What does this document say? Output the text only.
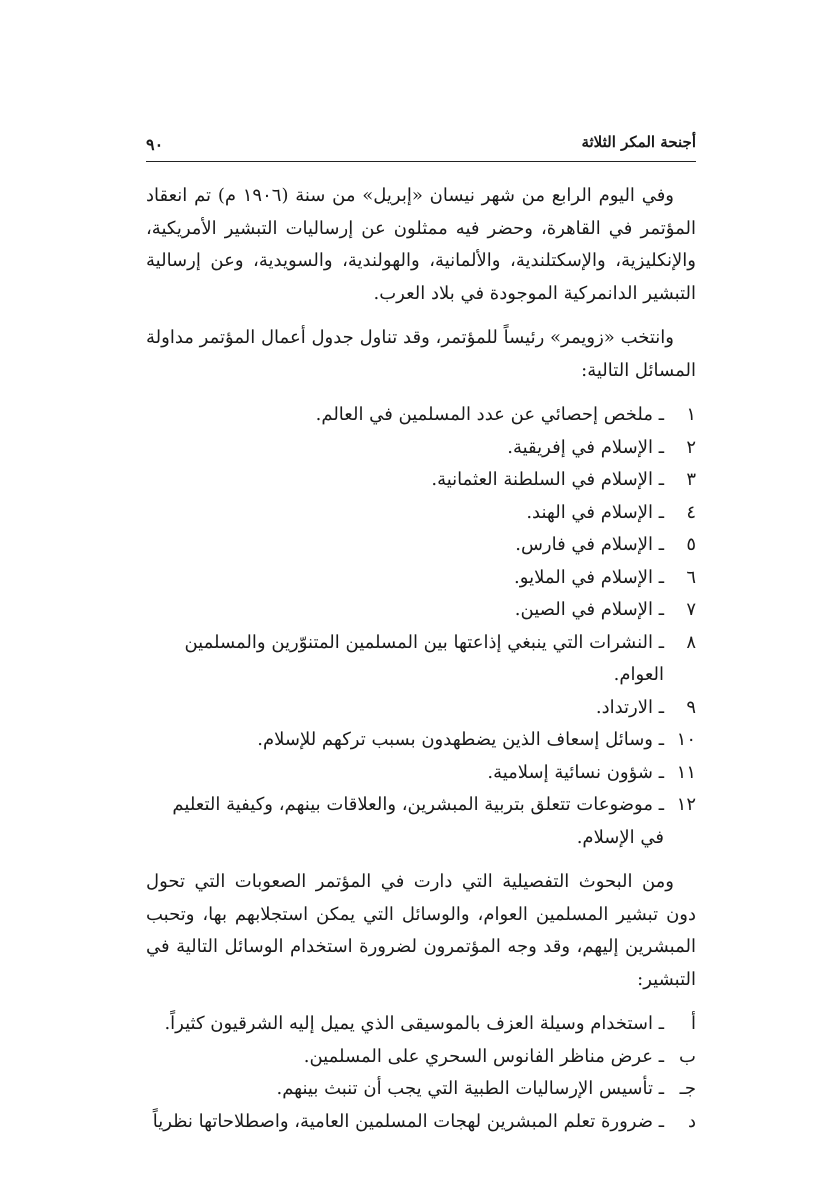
أجنحة المكر الثلاثة
٩٠

وفي اليوم الرابع من شهر نيسان «إبريل» من سنة (١٩٠٦ م) تم انعقاد المؤتمر في القاهرة، وحضر فيه ممثلون عن إرساليات التبشير الأمريكية، والإنكليزية، والإسكتلندية، والألمانية، والهولندية، والسويدية، وعن إرسالية التبشير الدانمركية الموجودة في بلاد العرب.

وانتخب «زويمر» رئيساً للمؤتمر، وقد تناول جدول أعمال المؤتمر مداولة المسائل التالية:

١
ـ ملخص إحصائي عن عدد المسلمين في العالم.
٢
ـ الإسلام في إفريقية.
٣
ـ الإسلام في السلطنة العثمانية.
٤
ـ الإسلام في الهند.
٥
ـ الإسلام في فارس.
٦
ـ الإسلام في الملايو.
٧
ـ الإسلام في الصين.
٨
ـ النشرات التي ينبغي إذاعتها بين المسلمين المتنوّرين والمسلمين العوام.
٩
ـ الارتداد.
١٠
ـ وسائل إسعاف الذين يضطهدون بسبب تركهم للإسلام.
١١
ـ شؤون نسائية إسلامية.
١٢
ـ موضوعات تتعلق بتربية المبشرين، والعلاقات بينهم، وكيفية التعليم في الإسلام.

ومن البحوث التفصيلية التي دارت في المؤتمر الصعوبات التي تحول دون تبشير المسلمين العوام، والوسائل التي يمكن استجلابهم بها، وتحبب المبشرين إليهم، وقد وجه المؤتمرون لضرورة استخدام الوسائل التالية في التبشير:

أ
ـ استخدام وسيلة العزف بالموسيقى الذي يميل إليه الشرقيون كثيراً.
ب
ـ عرض مناظر الفانوس السحري على المسلمين.
جـ
ـ تأسيس الإرساليات الطبية التي يجب أن تنبث بينهم.
د
ـ ضرورة تعلم المبشرين لهجات المسلمين العامية، واصطلاحاتها نظرياً
